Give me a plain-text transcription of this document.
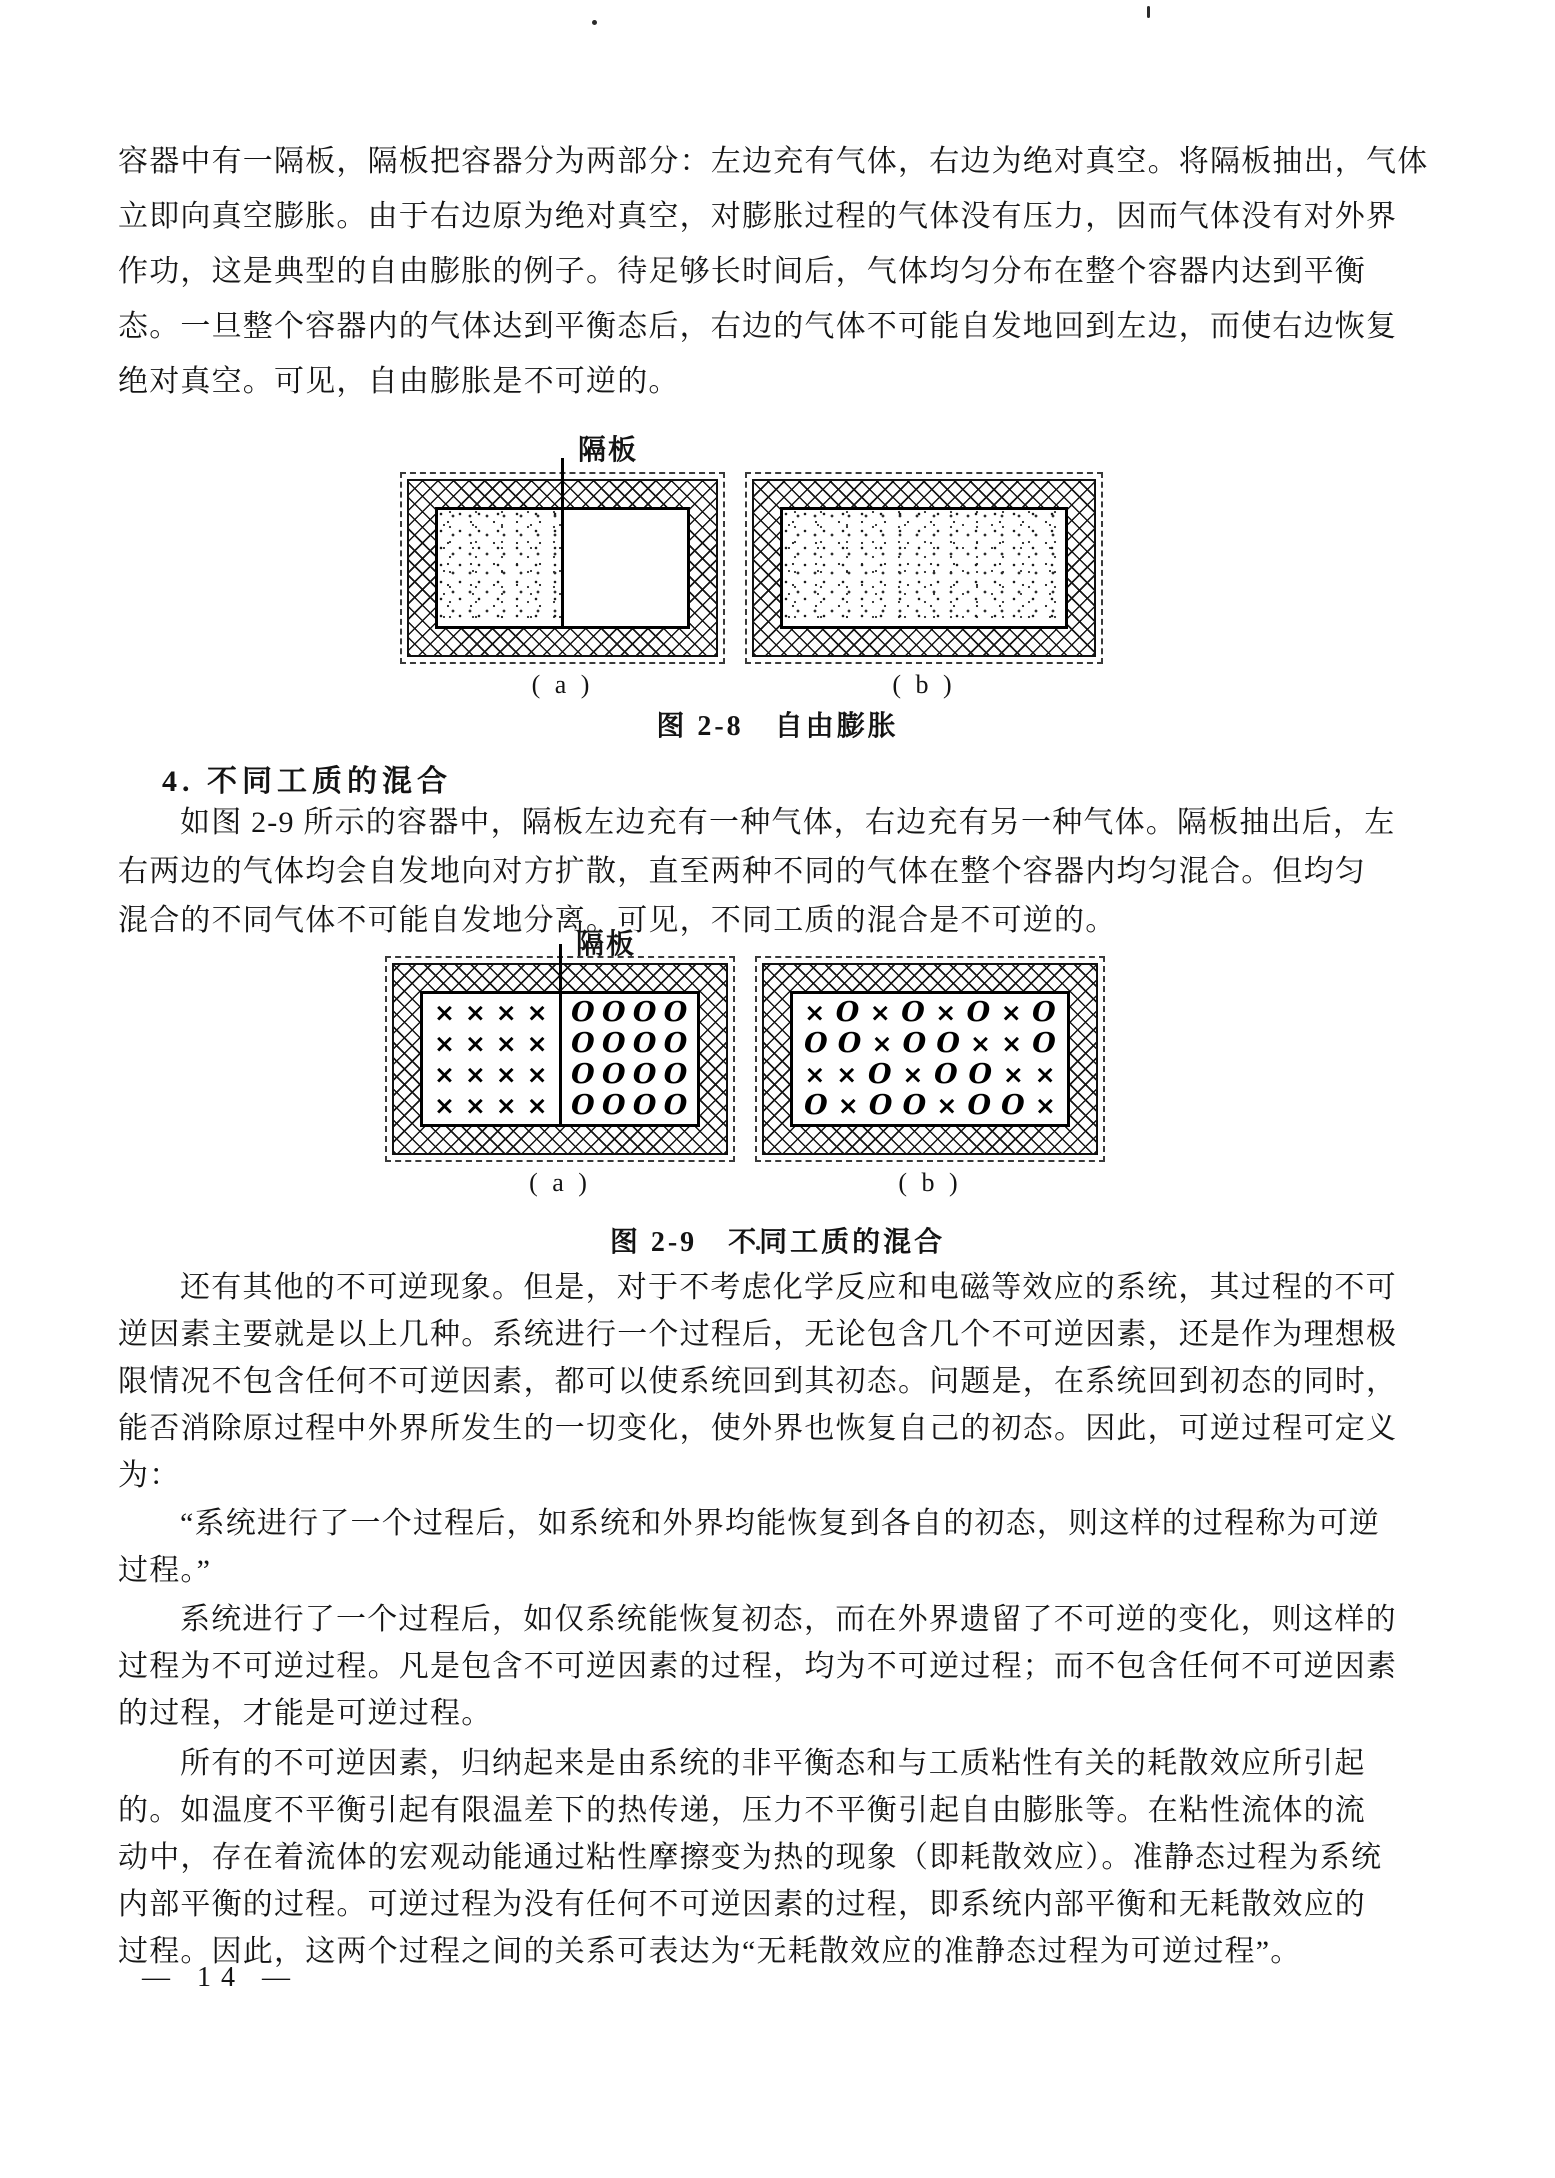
容器中有一隔板，隔板把容器分为两部分：左边充有气体，右边为绝对真空。将隔板抽出，气体
立即向真空膨胀。由于右边原为绝对真空，对膨胀过程的气体没有压力，因而气体没有对外界
作功，这是典型的自由膨胀的例子。待足够长时间后，气体均匀分布在整个容器内达到平衡
态。一旦整个容器内的气体达到平衡态后，右边的气体不可能自发地回到左边，而使右边恢复
绝对真空。可见，自由膨胀是不可逆的。
隔板
( a )	( b )
图 2-8　自由膨胀
4. 不同工质的混合
如图 2-9 所示的容器中，隔板左边充有一种气体，右边充有另一种气体。隔板抽出后，左
右两边的气体均会自发地向对方扩散，直至两种不同的气体在整个容器内均匀混合。但均匀
混合的不同气体不可能自发地分离。可见，不同工质的混合是不可逆的。
隔板
× × × ×
× × × ×
× × × ×
× × × ×
O O O O
O O O O
O O O O
O O O O
× O × O × O × O
O O × O O × × O
× × O × O O × ×
O × O O × O O ×
( a )	( b )
图 2-9　不同工质的混合
还有其他的不可逆现象。但是，对于不考虑化学反应和电磁等效应的系统，其过程的不可
逆因素主要就是以上几种。系统进行一个过程后，无论包含几个不可逆因素，还是作为理想极
限情况不包含任何不可逆因素，都可以使系统回到其初态。问题是，在系统回到初态的同时，
能否消除原过程中外界所发生的一切变化，使外界也恢复自己的初态。因此，可逆过程可定义
为：
“系统进行了一个过程后，如系统和外界均能恢复到各自的初态，则这样的过程称为可逆
过程。”
系统进行了一个过程后，如仅系统能恢复初态，而在外界遗留了不可逆的变化，则这样的
过程为不可逆过程。凡是包含不可逆因素的过程，均为不可逆过程；而不包含任何不可逆因素
的过程，才能是可逆过程。
所有的不可逆因素，归纳起来是由系统的非平衡态和与工质粘性有关的耗散效应所引起
的。如温度不平衡引起有限温差下的热传递，压力不平衡引起自由膨胀等。在粘性流体的流
动中，存在着流体的宏观动能通过粘性摩擦变为热的现象（即耗散效应）。准静态过程为系统
内部平衡的过程。可逆过程为没有任何不可逆因素的过程，即系统内部平衡和无耗散效应的
过程。因此，这两个过程之间的关系可表达为“无耗散效应的准静态过程为可逆过程”。
— 14 —
